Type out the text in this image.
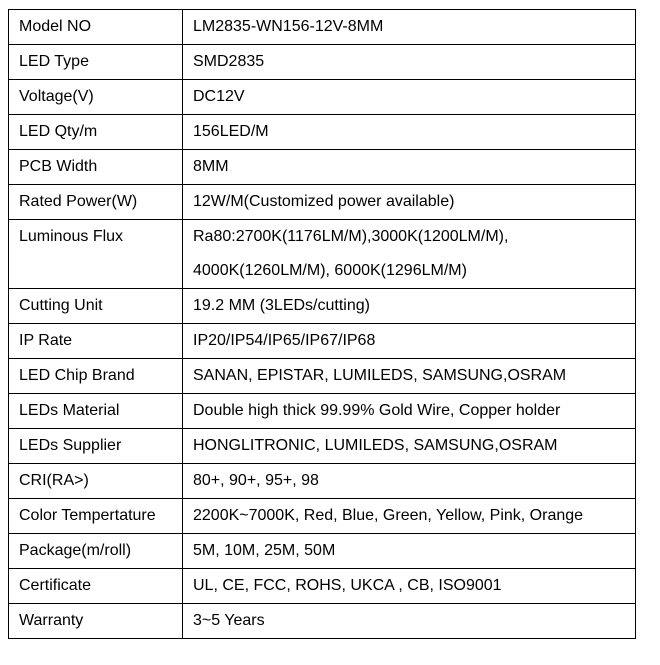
Model NO	LM2835-WN156-12V-8MM
LED Type	SMD2835
Voltage(V)	DC12V
LED Qty/m	156LED/M
PCB Width	8MM
Rated Power(W)	12W/M(Customized power available)
Luminous Flux	Ra80:2700K(1176LM/M),3000K(1200LM/M),
4000K(1260LM/M), 6000K(1296LM/M)

Cutting Unit	19.2 MM (3LEDs/cutting)
IP Rate	IP20/IP54/IP65/IP67/IP68
LED Chip Brand	SANAN, EPISTAR, LUMILEDS, SAMSUNG,OSRAM
LEDs Material	Double high thick 99.99% Gold Wire, Copper holder
LEDs Supplier	HONGLITRONIC, LUMILEDS, SAMSUNG,OSRAM
CRI(RA>)	80+, 90+, 95+, 98
Color Tempertature	2200K~7000K, Red, Blue, Green, Yellow, Pink, Orange
Package(m/roll)	5M, 10M, 25M, 50M
Certificate	UL, CE, FCC, ROHS, UKCA , CB, ISO9001
Warranty	3~5 Years
